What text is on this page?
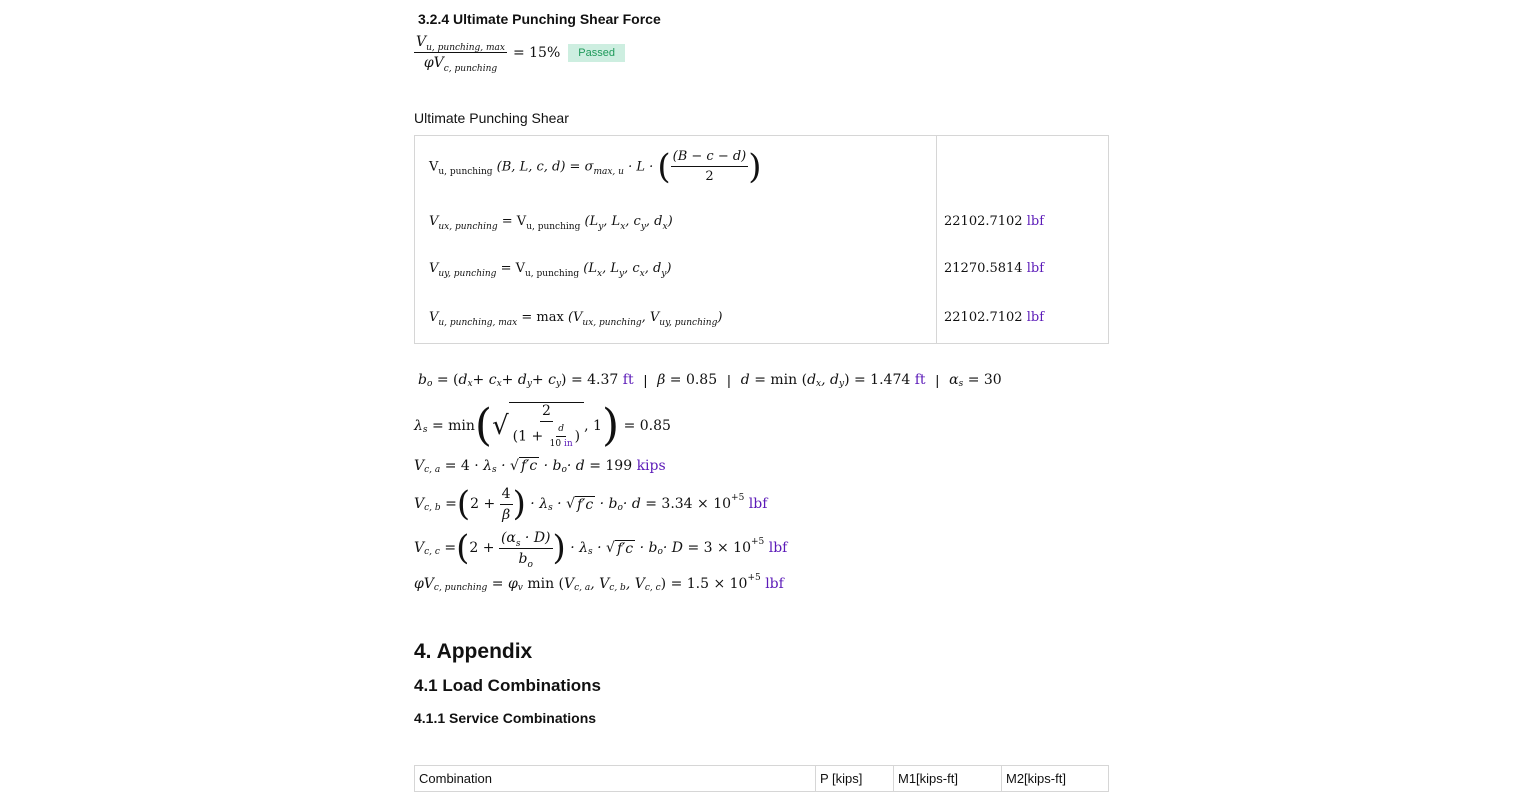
3.2.4 Ultimate Punching Shear Force
$\frac{V_{u, punching, max}}{\varphi V_{c, punching}} = 15\%$	Passed
Ultimate Punching Shear
$V_{u, punching}$ (B, L, c, $d) = \sigma_{max, u} \cdot L$ · ( $\frac{(B - c - d)}{2}$ )	
$V_{ux, punching} = V_{u, punching}$ ($L_y$, $L_x$, $c_y$, $d_x$)	22102.7102 lbf
$V_{uy, punching} = V_{u, punching}$ ($L_x$, $L_y$, $c_x$, $d_y$)	21270.5814 lbf
$V_{u, punching, max} = \max (V_{ux, punching}$, $V_{uy, punching}$)	22102.7102 lbf
b o
= ( d x + c x + d y + c y )
= 4.37
ft | β = 0.85 | d = min ( d x , d y )
= 1.474
ft | α s
= 30
λ s
= min ( √ $\frac{2}{(1 + \frac{d}{10 in} )}$ , 1 )
= 0.85
V c, a
= 4 · λ s · √ f′c · b o · d = 199
kips
V c, b
= ( 2 +
$\frac{4}{\beta}$ ) · λ s · √ f′c · b o · d = 3.34 × 10 +5
lbf
V c, c
= ( 2 +
$\frac{(\alpha_s \cdot D)}{b_o}$ ) · λ s · √ f′c · b o · D = 3 × 10 +5
lbf
φV c, punching
= φ v
min ( V c, a , V c, b , V c, c )
= 1.5 × 10 +5
lbf
4. Appendix
4.1 Load Combinations
4.1.1 Service Combinations
Combination	P [kips]	M1[kips-ft]	M2[kips-ft]
